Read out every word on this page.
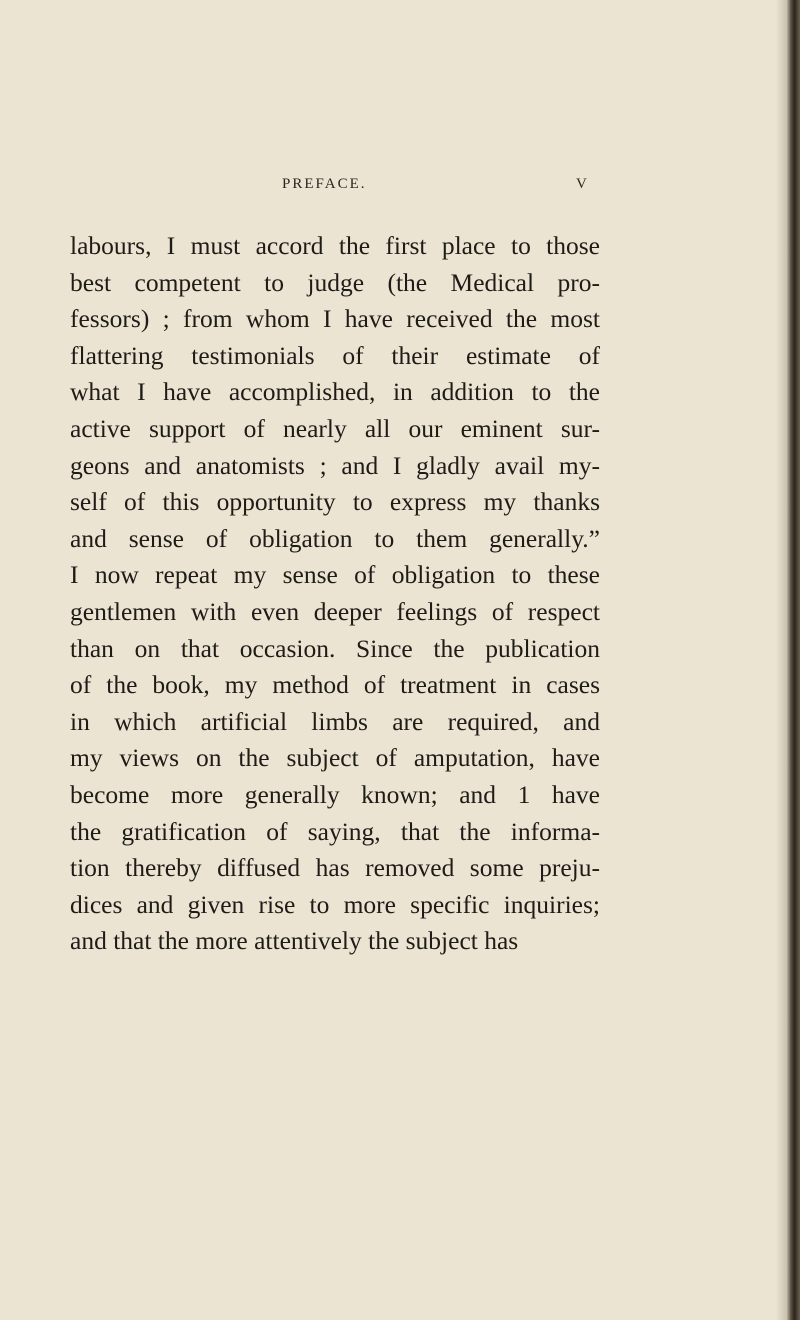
PREFACE.	V
labours, I must accord the first place to those
best competent to judge (the Medical pro-
fessors) ; from whom I have received the most
flattering testimonials of their estimate of
what I have accomplished, in addition to the
active support of nearly all our eminent sur-
geons and anatomists ; and I gladly avail my-
self of this opportunity to express my thanks
and sense of obligation to them generally.”
I now repeat my sense of obligation to these
gentlemen with even deeper feelings of respect
than on that occasion. Since the publication
of the book, my method of treatment in cases
in which artificial limbs are required, and
my views on the subject of amputation, have
become more generally known; and 1 have
the gratification of saying, that the informa-
tion thereby diffused has removed some preju-
dices and given rise to more specific inquiries;
and that the more attentively the subject has
